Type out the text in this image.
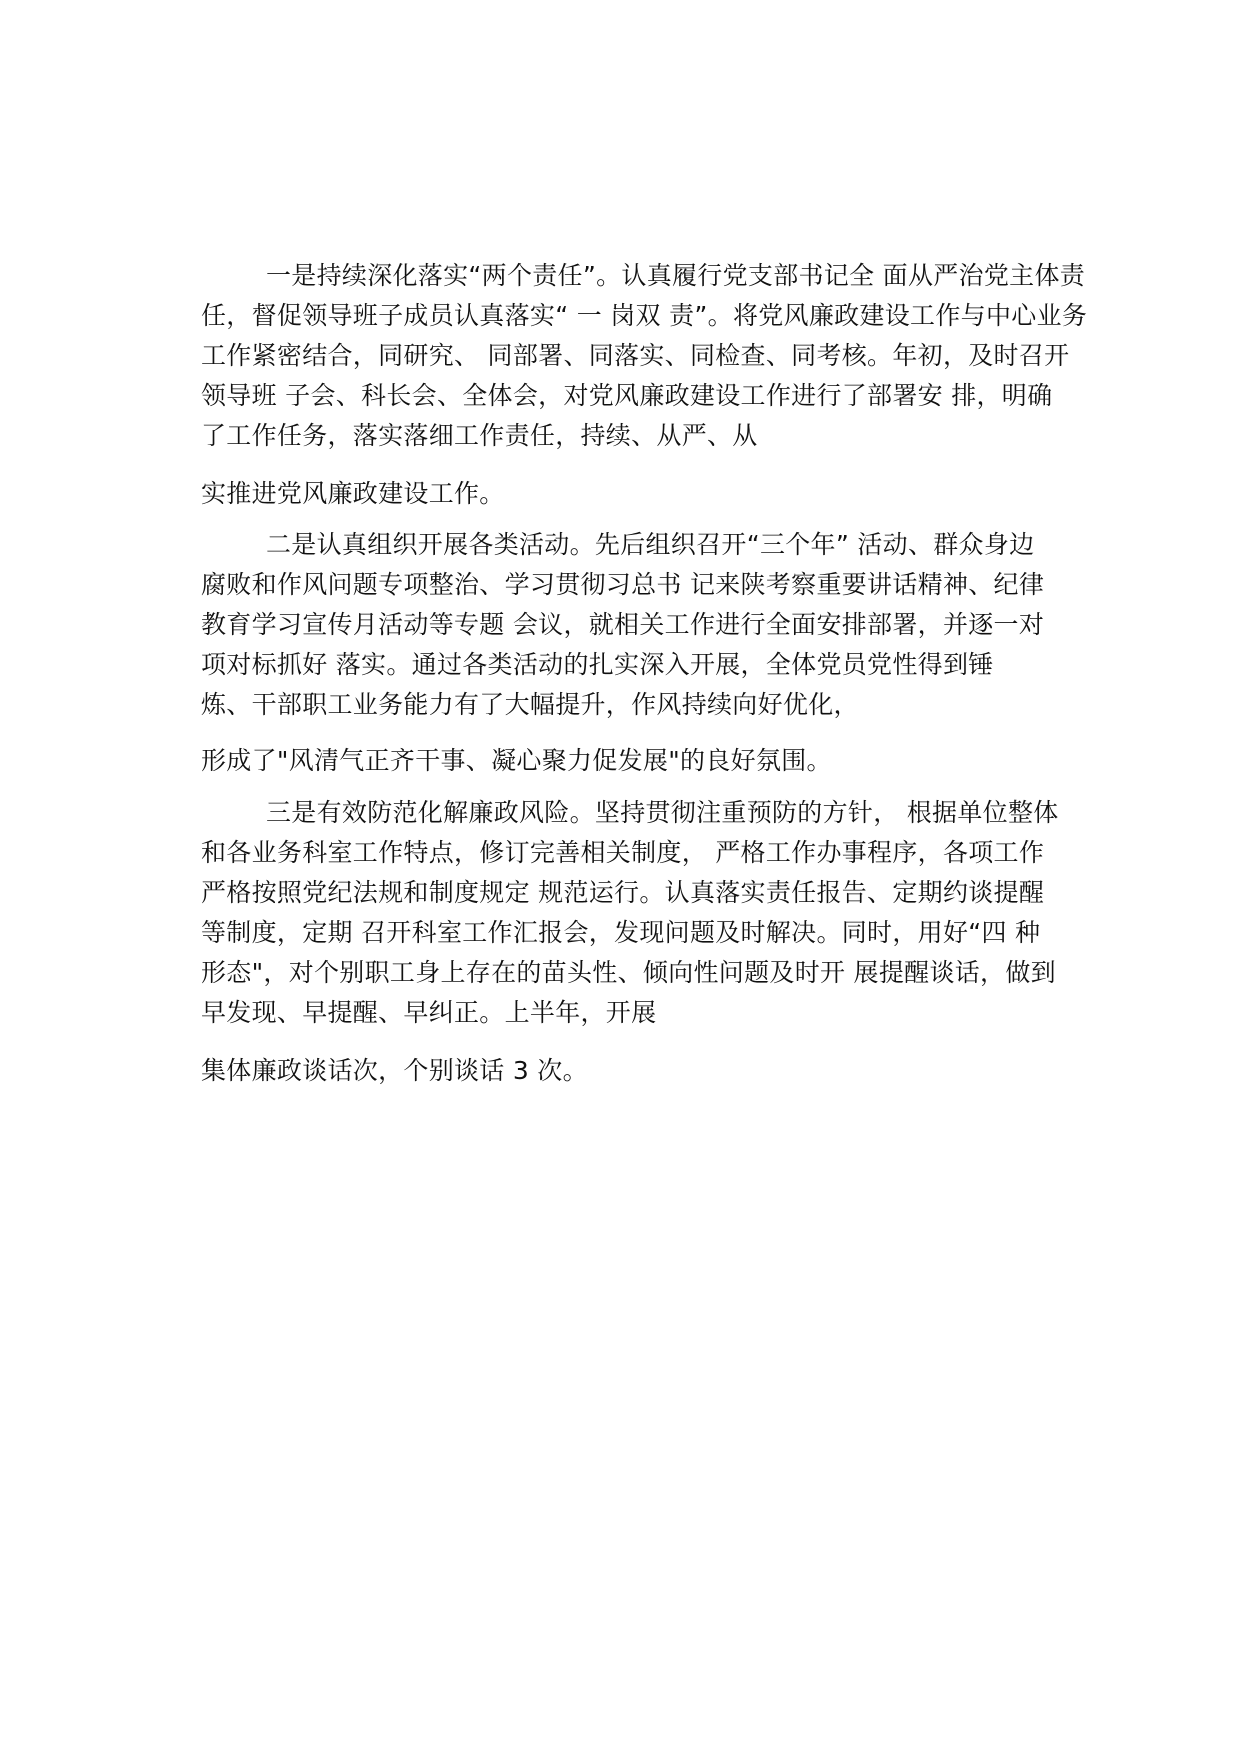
一是持续深化落实“两个责任”。认真履行党支部书记全 面从严治党主体责
任，督促领导班子成员认真落实“ 一 岗双 责”。将党风廉政建设工作与中心业务
工作紧密结合，同研究、 同部署、同落实、同检查、同考核。年初，及时召开
领导班 子会、科长会、全体会，对党风廉政建设工作进行了部署安 排，明确
了工作任务，落实落细工作责任，持续、从严、从
实推进党风廉政建设工作。
二是认真组织开展各类活动。先后组织召开“三个年” 活动、群众身边
腐败和作风问题专项整治、学习贯彻习总书 记来陕考察重要讲话精神、纪律
教育学习宣传月活动等专题 会议，就相关工作进行全面安排部署，并逐一对
项对标抓好 落实。通过各类活动的扎实深入开展，全体党员党性得到锤
炼、干部职工业务能力有了大幅提升，作风持续向好优化，
形成了"风清气正齐干事、凝心聚力促发展"的良好氛围。
三是有效防范化解廉政风险。坚持贯彻注重预防的方针， 根据单位整体
和各业务科室工作特点，修订完善相关制度， 严格工作办事程序，各项工作
严格按照党纪法规和制度规定 规范运行。认真落实责任报告、定期约谈提醒
等制度，定期 召开科室工作汇报会，发现问题及时解决。同时，用好“四 种
形态"，对个别职工身上存在的苗头性、倾向性问题及时开 展提醒谈话，做到
早发现、早提醒、早纠正。上半年，开展
集体廉政谈话次，个别谈话 3 次。
